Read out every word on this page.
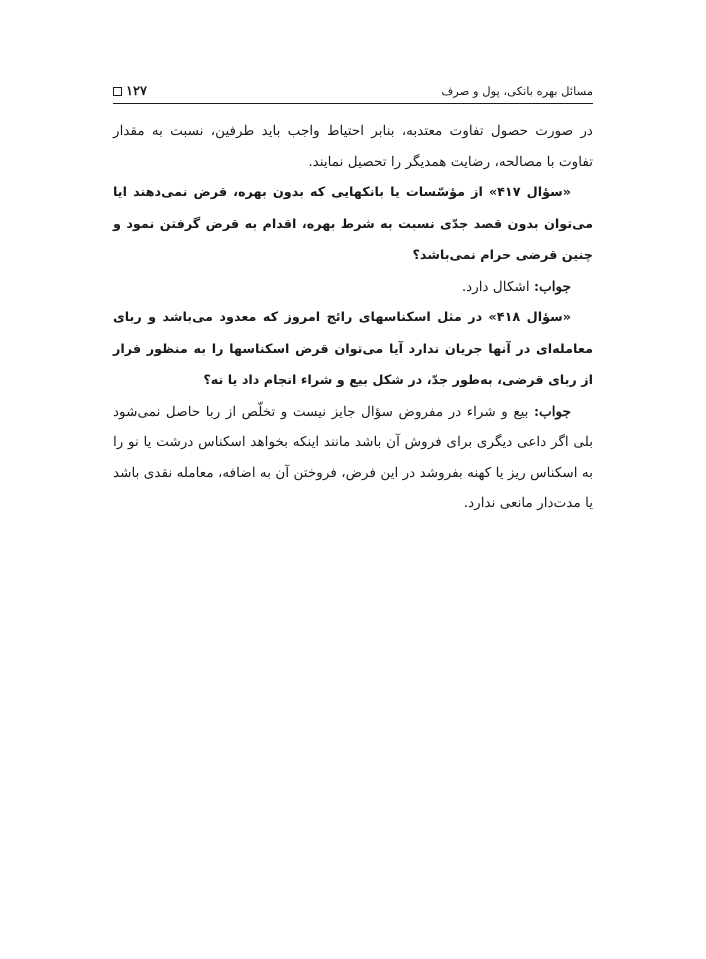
مسائل بهره بانکی، پول و صرف
۱۲۷

در صورت حصول تفاوت معتدبه، بنابر احتیاط واجب باید طرفین، نسبت به مقدار تفاوت با مصالحه، رضایت همدیگر را تحصیل نمایند.

«سؤال ۴۱۷» از مؤسّسات یا بانکهایی که بدون بهره، قرض نمی‌دهند ایا می‌توان بدون قصد جدّی نسبت به شرط بهره، اقدام به قرض گرفتن نمود و چنین قرضی حرام نمی‌باشد؟

جواب: اشکال دارد.

«سؤال ۴۱۸» در مثل اسکناسهای رائج امروز که معدود می‌باشد و ربای معامله‌ای در آنها جریان ندارد آیا می‌توان قرض اسکناسها را به منظور فرار از ربای قرضی، به‌طور جدّ، در شکل بیع و شراء انجام داد یا نه؟

جواب: بیع و شراء در مفروض سؤال جایز نیست و تخلّص از ربا حاصل نمی‌شود بلی اگر داعی دیگری برای فروش آن باشد مانند اینکه بخواهد اسکناس درشت یا نو را به اسکناس ریز یا کهنه بفروشد در این فرض، فروختن آن به اضافه، معامله نقدی باشد یا مدت‌دار مانعی ندارد.
